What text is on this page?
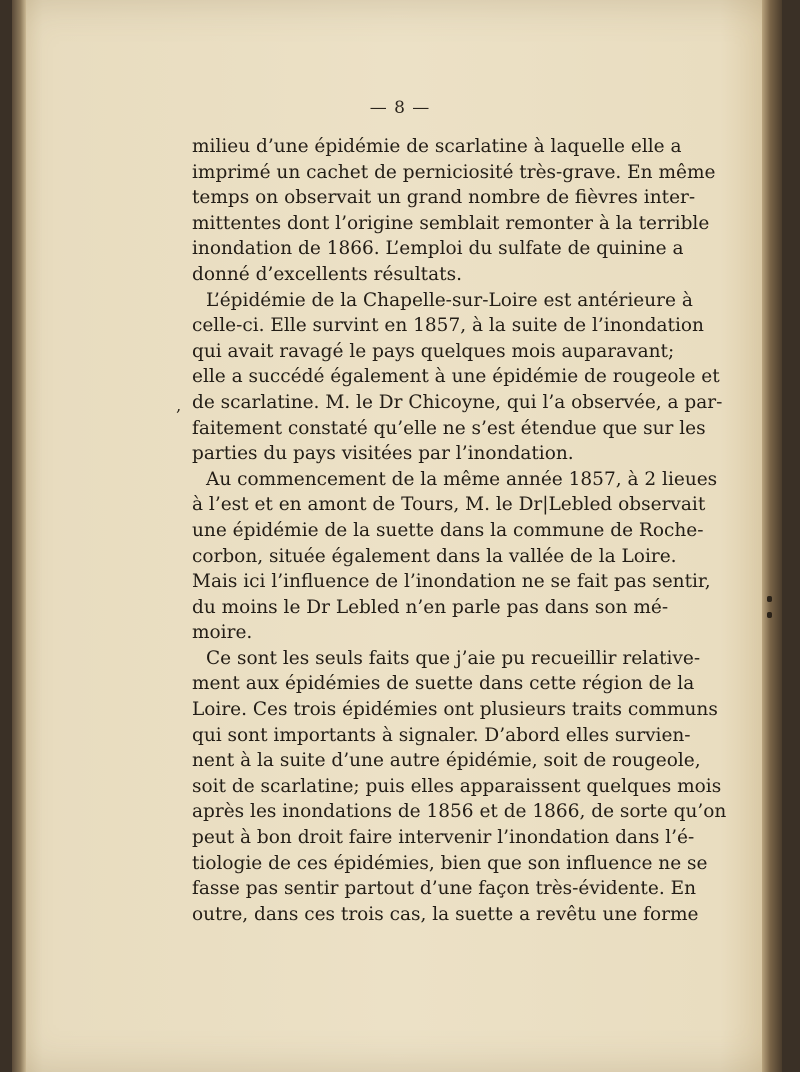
— 8 —
‚
milieu d’une épidémie de scarlatine à laquelle elle a
imprimé un cachet de perniciosité très-grave. En même
temps on observait un grand nombre de fièvres inter-
mittentes dont l’origine semblait remonter à la terrible
inondation de 1866. L’emploi du sulfate de quinine a
donné d’excellents résultats.
L’épidémie de la Chapelle-sur-Loire est antérieure à
celle-ci. Elle survint en 1857, à la suite de l’inondation
qui avait ravagé le pays quelques mois auparavant;
elle a succédé également à une épidémie de rougeole et
de scarlatine. M. le Dr Chicoyne, qui l’a observée, a par-
faitement constaté qu’elle ne s’est étendue que sur les
parties du pays visitées par l’inondation.
Au commencement de la même année 1857, à 2 lieues
à l’est et en amont de Tours, M. le Dr|Lebled observait
une épidémie de la suette dans la commune de Roche-
corbon, située également dans la vallée de la Loire.
Mais ici l’influence de l’inondation ne se fait pas sentir,
du moins le Dr Lebled n’en parle pas dans son mé-
moire.
Ce sont les seuls faits que j’aie pu recueillir relative-
ment aux épidémies de suette dans cette région de la
Loire. Ces trois épidémies ont plusieurs traits communs
qui sont importants à signaler. D’abord elles survien-
nent à la suite d’une autre épidémie, soit de rougeole,
soit de scarlatine; puis elles apparaissent quelques mois
après les inondations de 1856 et de 1866, de sorte qu’on
peut à bon droit faire intervenir l’inondation dans l’é-
tiologie de ces épidémies, bien que son influence ne se
fasse pas sentir partout d’une façon très-évidente. En
outre, dans ces trois cas, la suette a revêtu une forme
